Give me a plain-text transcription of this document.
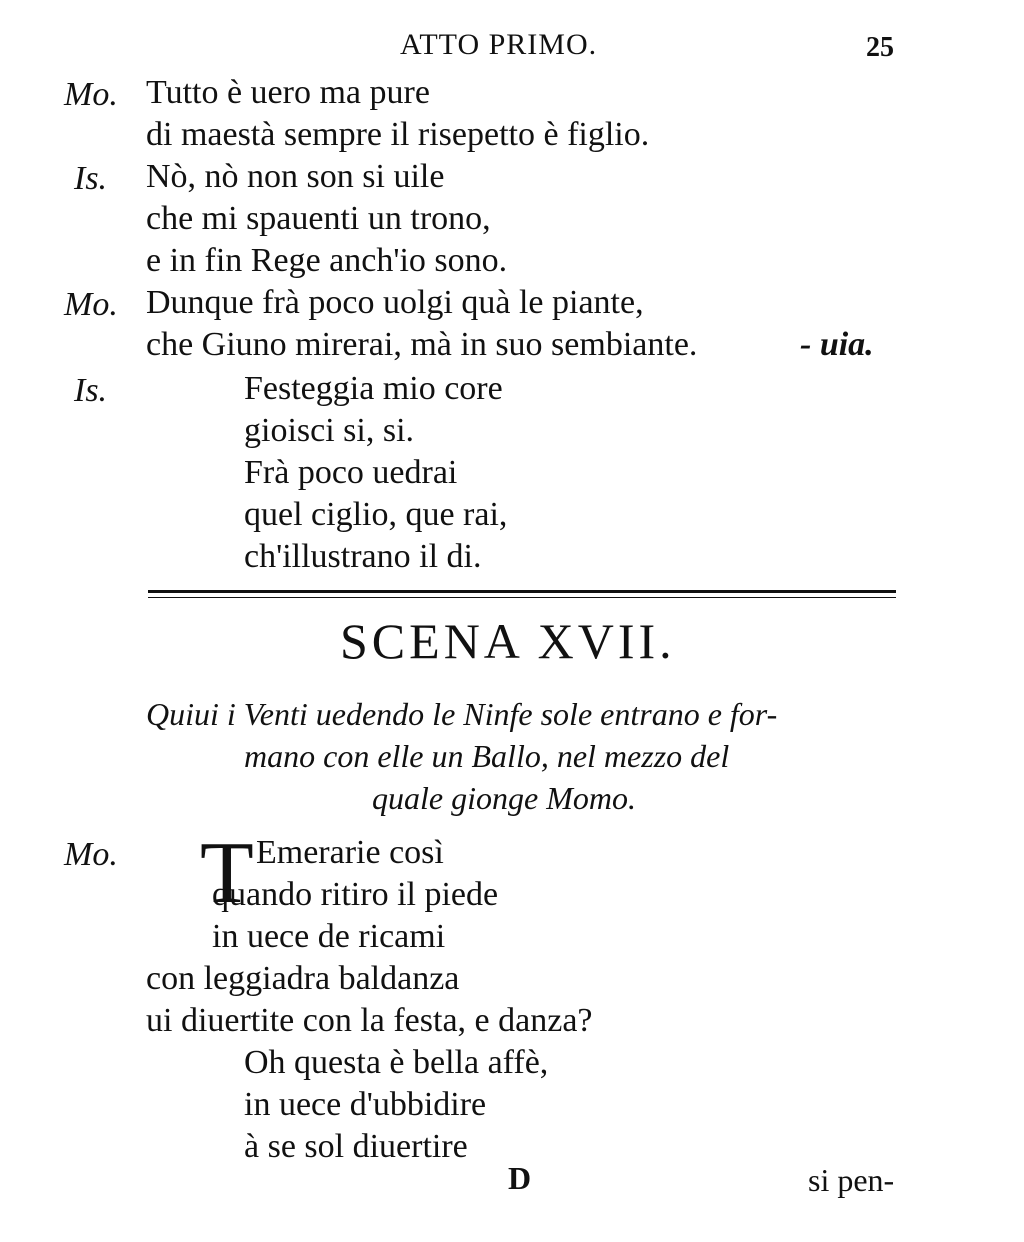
ATTO PRIMO.	25
Mo. Tutto è uero ma pure
di maestà sempre il risepetto è figlio.
Is. Nò, nò non son si uile
che mi spauenti un trono,
e in fin Rege anch'io sono.
Mo. Dunque frà poco uolgi quà le piante,
che Giuno mirerai, mà in suo sembiante.	- uia.
Is.	Festeggia mio core
gioisci si, si.
Frà poco uedrai
quel ciglio, que rai,
ch'illustrano il di.
SCENA XVII.
Quiui i Venti uedendo le Ninfe sole entrano e for-
mano con elle un Ballo, nel mezzo del
quale gionge Momo.
Mo. T Emerarie così
quando ritiro il piede
in uece de ricami
con leggiadra baldanza
ui diuertite con la festa, e danza?
Oh questa è bella affè,
in uece d'ubbidire
à se sol diuertire
D	si pen-
